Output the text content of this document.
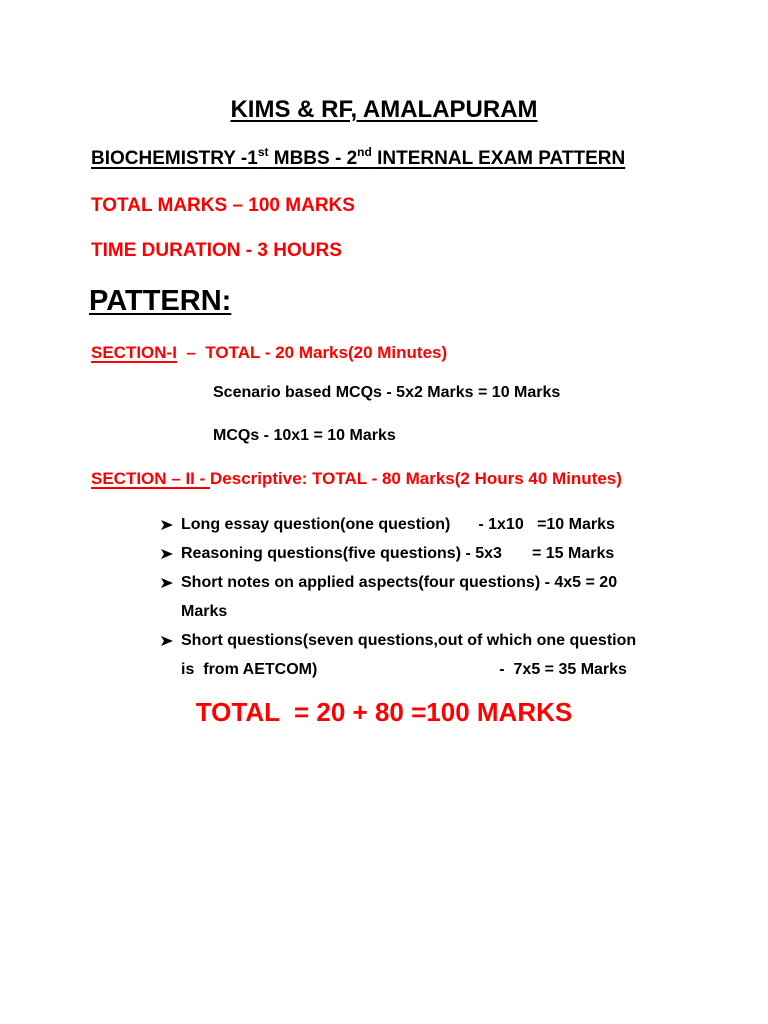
KIMS & RF, AMALAPURAM
BIOCHEMISTRY -1st MBBS - 2nd INTERNAL EXAM PATTERN
TOTAL MARKS – 100 MARKS
TIME DURATION - 3 HOURS
PATTERN:
SECTION-I  –  TOTAL - 20 Marks(20 Minutes)
Scenario based MCQs - 5x2 Marks = 10 Marks
MCQs - 10x1 = 10 Marks
SECTION – II - Descriptive: TOTAL - 80 Marks(2 Hours 40 Minutes)
Long essay question(one question) - 1x10   =10 Marks
Reasoning questions(five questions) - 5x3 = 15 Marks
Short notes on applied aspects(four questions) - 4x5 = 20
Marks
Short questions(seven questions,out of which one question
is  from AETCOM)	-  7x5 = 35 Marks
TOTAL  = 20 + 80 =100 MARKS
